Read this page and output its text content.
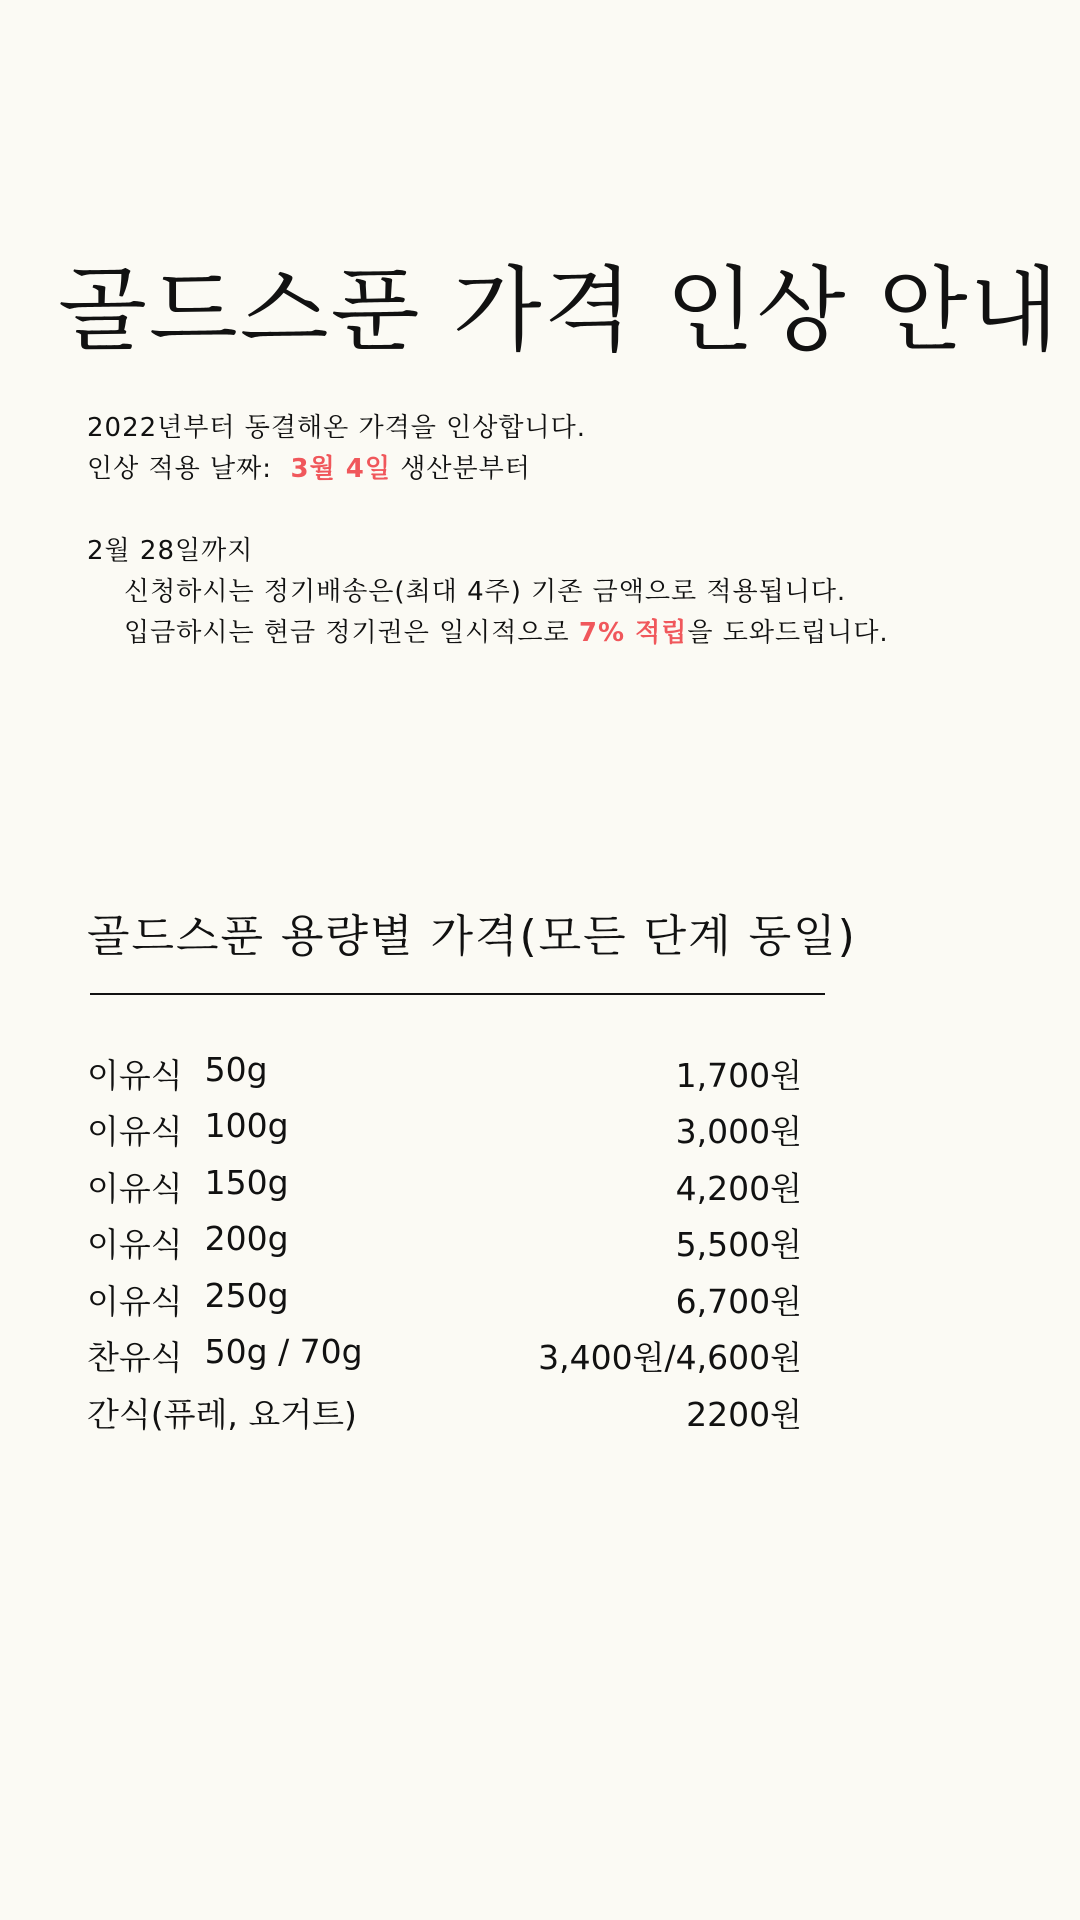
골드스푼 가격 인상 안내

2022년부터 동결해온 가격을 인상합니다.

인상 적용 날짜: 3월 4일 생산분부터

2월 28일까지

신청하시는 정기배송은(최대 4주) 기존 금액으로 적용됩니다.

입금하시는 현금 정기권은 일시적으로 7% 적립을 도와드립니다.

골드스푼 용량별 가격(모든 단계 동일)
이유식 50g	1,700원
이유식 100g	3,000원
이유식 150g	4,200원
이유식 200g	5,500원
이유식 250g	6,700원
찬유식 50g / 70g	3,400원/4,600원
간식(퓨레, 요거트)	2200원
